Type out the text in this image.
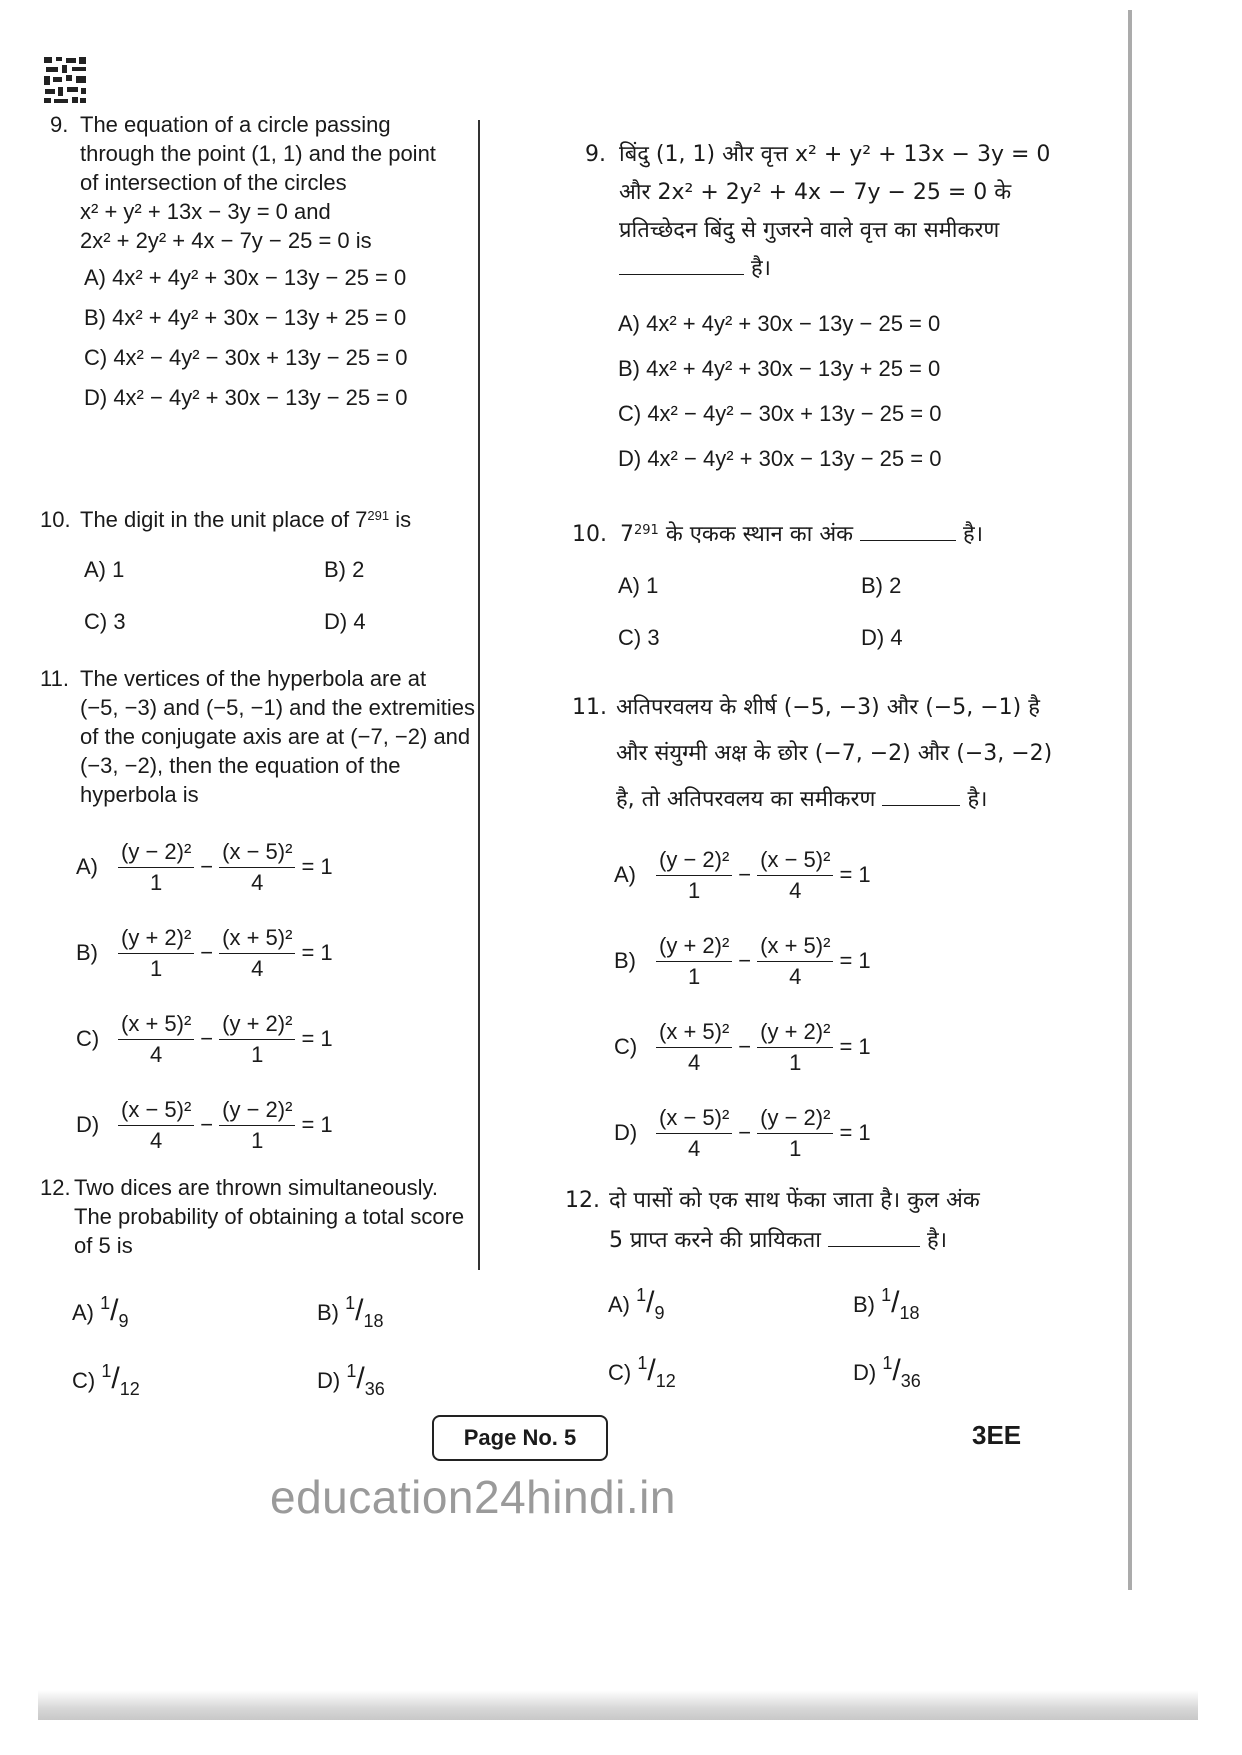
9. The equation of a circle passing
through the point (1, 1) and the point
of intersection of the circles
x² + y² + 13x − 3y = 0 and
2x² + 2y² + 4x − 7y − 25 = 0 is
A) 4x² + 4y² + 30x − 13y − 25 = 0
B) 4x² + 4y² + 30x − 13y + 25 = 0
C) 4x² − 4y² − 30x + 13y − 25 = 0
D) 4x² − 4y² + 30x − 13y − 25 = 0
10. The digit in the unit place of $7^{291}$ is
A) 1	B) 2
C) 3	D) 4
11. The vertices of the hyperbola are at
(−5, −3) and (−5, −1) and the extremities
of the conjugate axis are at (−7, −2) and
(−3, −2), then the equation of the
hyperbola is
$A) \frac{\text{(y − 2)²}}{1} - \frac{\text{(x − 5)²}}{4} = 1$
$B) \frac{\text{(y + 2)²}}{1} - \frac{\text{(x + 5)²}}{4} = 1$
$C) \frac{\text{(x + 5)²}}{4} - \frac{\text{(y + 2)²}}{1} = 1$
$D) \frac{\text{(x − 5)²}}{4} - \frac{\text{(y − 2)²}}{1} = 1$
12. Two dices are thrown simultaneously.
The probability of obtaining a total score
of 5 is
A) $^1/_9$	B) $^1/_{18}$
C) $^1/_{12}$	D) $^1/_{36}$
9. बिंदु (1, 1) और वृत्त x² + y² + 13x − 3y = 0
और 2x² + 2y² + 4x − 7y − 25 = 0 के
प्रतिच्छेदन बिंदु से गुजरने वाले वृत्त का समीकरण
है।
A) 4x² + 4y² + 30x − 13y − 25 = 0
B) 4x² + 4y² + 30x − 13y + 25 = 0
C) 4x² − 4y² − 30x + 13y − 25 = 0
D) 4x² − 4y² + 30x − 13y − 25 = 0
10. $7^{291}$ के एकक स्थान का अंक	है।
A) 1	B) 2
C) 3	D) 4
11. अतिपरवलय के शीर्ष (−5, −3) और (−5, −1) है
और संयुग्मी अक्ष के छोर (−7, −2) और (−3, −2)
है, तो अतिपरवलय का समीकरण	है।
$A) \frac{\text{(y − 2)²}}{1} - \frac{\text{(x − 5)²}}{4} = 1$
$B) \frac{\text{(y + 2)²}}{1} - \frac{\text{(x + 5)²}}{4} = 1$
$C) \frac{\text{(x + 5)²}}{4} - \frac{\text{(y + 2)²}}{1} = 1$
$D) \frac{\text{(x − 5)²}}{4} - \frac{\text{(y − 2)²}}{1} = 1$
12. दो पासों को एक साथ फेंका जाता है। कुल अंक
5 प्राप्त करने की प्रायिकता	है।
A) $^1/_9$	B) $^1/_{18}$
C) $^1/_{12}$	D) $^1/_{36}$
Page No. 5	3EE
education24hindi.in
